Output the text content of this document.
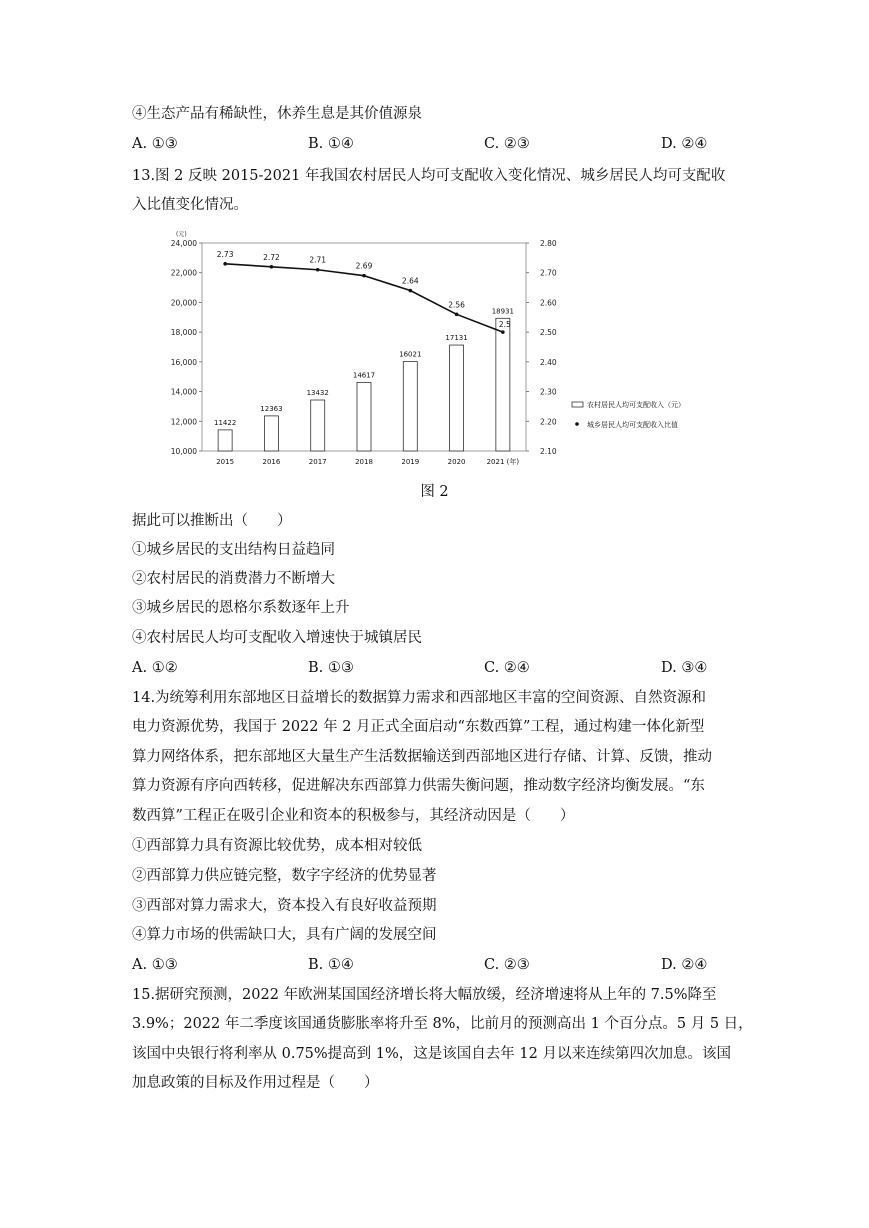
④生态产品有稀缺性，休养生息是其价值源泉
A. ①③	B. ①④	C. ②③	D. ②④
13.图 2 反映 2015-2021 年我国农村居民人均可支配收入变化情况、城乡居民人均可支配收
入比值变化情况。
10,000
12,000
14,000
16,000
18,000
20,000
22,000
24,000
(元)
2.10
2.20
2.30
2.40
2.50
2.60
2.70
2.80
11422
12363
13432
14617
16021
17131
18931
2015	2016	2017	2018	2019	2020	2021 (年)
2.73	2.72	2.71
2.69
2.64
2.56
2.5
农村居民人均可支配收入（元）
城乡居民人均可支配收入比值
图 2
据此可以推断出（　　）
①城乡居民的支出结构日益趋同
②农村居民的消费潜力不断增大
③城乡居民的恩格尔系数逐年上升
④农村居民人均可支配收入增速快于城镇居民
A. ①②	B. ①③	C. ②④	D. ③④
14.为统筹利用东部地区日益增长的数据算力需求和西部地区丰富的空间资源、自然资源和
电力资源优势，我国于 2022 年 2 月正式全面启动“东数西算”工程，通过构建一体化新型
算力网络体系，把东部地区大量生产生活数据输送到西部地区进行存储、计算、反馈，推动
算力资源有序向西转移，促进解决东西部算力供需失衡问题，推动数字经济均衡发展。“东
数西算”工程正在吸引企业和资本的积极参与，其经济动因是（　　）
①西部算力具有资源比较优势，成本相对较低
②西部算力供应链完整，数字字经济的优势显著
③西部对算力需求大，资本投入有良好收益预期
④算力市场的供需缺口大，具有广阔的发展空间
A. ①③	B. ①④	C. ②③	D. ②④
15.据研究预测，2022 年欧洲某国国经济增长将大幅放缓，经济增速将从上年的 7.5%降至
3.9%；2022 年二季度该国通货膨胀率将升至 8%，比前月的预测高出 1 个百分点。5 月 5 日，
该国中央银行将利率从 0.75%提高到 1%，这是该国自去年 12 月以来连续第四次加息。该国
加息政策的目标及作用过程是（　　）
